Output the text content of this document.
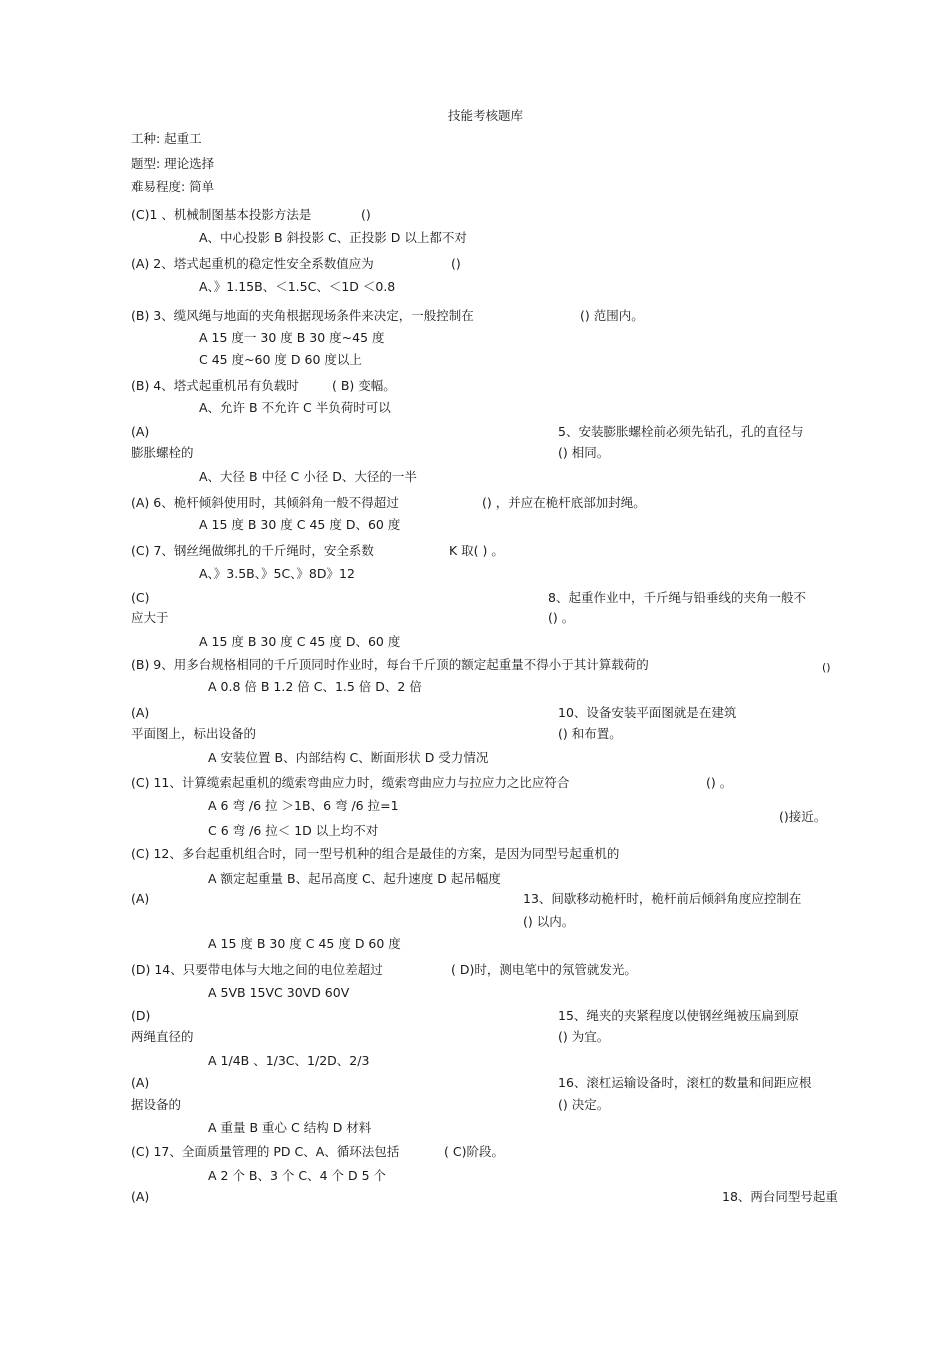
技能考核题库
工种: 起重工
题型: 理论选择
难易程度: 简单
(C)1 、机械制图基本投影方法是	()
A、中心投影 B 斜投影 C、正投影 D 以上都不对
(A) 2、塔式起重机的稳定性安全系数值应为	()
A、》1.15B、＜1.5C、＜1D ＜0.8
(B) 3、缆风绳与地面的夹角根据现场条件来决定，一般控制在	() 范围内。
A 15 度一 30 度 B 30 度~45 度
C 45 度~60 度 D 60 度以上
(B) 4、塔式起重机吊有负载时	( B) 变幅。
A、允许 B 不允许 C 半负荷时可以
(A)	5、安装膨胀螺栓前必须先钻孔，孔的直径与
膨胀螺栓的	() 相同。
A、大径 B 中径 C 小径 D、大径的一半
(A) 6、桅杆倾斜使用时，其倾斜角一般不得超过	() ，并应在桅杆底部加封绳。
A 15 度 B 30 度 C 45 度 D、60 度
(C) 7、钢丝绳做绑扎的千斤绳时，安全系数	K 取( ) 。
A、》3.5B、》5C、》8D》12
(C)	8、起重作业中，千斤绳与铅垂线的夹角一般不
应大于	() 。
A 15 度 B 30 度 C 45 度 D、60 度
(B) 9、用多台规格相同的千斤顶同时作业时，每台千斤顶的额定起重量不得小于其计算载荷的	()
A 0.8 倍 B 1.2 倍 C、1.5 倍 D、2 倍
(A)	10、设备安装平面图就是在建筑
平面图上，标出设备的	() 和布置。
A 安装位置 B、内部结构 C、断面形状 D 受力情况
(C) 11、计算缆索起重机的缆索弯曲应力时，缆索弯曲应力与拉应力之比应符合	() 。
A 6 弯 /6 拉 ＞1B、6 弯 /6 拉=1
()接近。
C 6 弯 /6 拉＜ 1D 以上均不对
(C) 12、多台起重机组合时，同一型号机种的组合是最佳的方案，是因为同型号起重机的
A 额定起重量 B、起吊高度 C、起升速度 D 起吊幅度
(A)	13、间歇移动桅杆时，桅杆前后倾斜角度应控制在
() 以内。
A 15 度 B 30 度 C 45 度 D 60 度
(D) 14、只要带电体与大地之间的电位差超过	( D)时，测电笔中的氖管就发光。
A 5VB 15VC 30VD 60V
(D)	15、绳夹的夹紧程度以使钢丝绳被压扁到原
两绳直径的	() 为宜。
A 1/4B 、1/3C、1/2D、2/3
(A)	16、滚杠运输设备时，滚杠的数量和间距应根
据设备的	() 决定。
A 重量 B 重心 C 结构 D 材料
(C) 17、全面质量管理的 PD C、A、循环法包括	( C)阶段。
A 2 个 B、3 个 C、4 个 D 5 个
(A)	18、两台同型号起重
